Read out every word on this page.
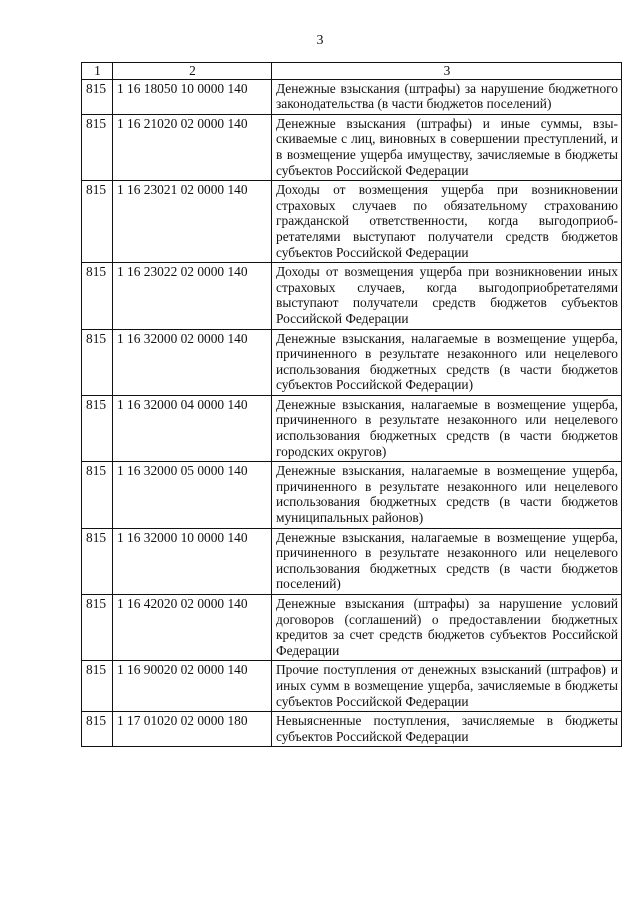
3
1	2	3
815	1 16 18050 10 0000 140	Денежные взыскания (штрафы) за нарушение бюджетного законодательства (в части бюджетов поселений)
815	1 16 21020 02 0000 140	Денежные взыскания (штрафы) и иные суммы, взыскиваемые с лиц, виновных в совершении преступлений, и в возмещение ущерба имуществу, зачисляемые в бюджеты субъектов Российской Федерации
815	1 16 23021 02 0000 140	Доходы от возмещения ущерба при возникновении страховых случаев по обязательному страхованию гражданской ответственности, когда выгодоприобретателями выступают получатели средств бюджетов субъектов Российской Федерации
815	1 16 23022 02 0000 140	Доходы от возмещения ущерба при возникновении иных страховых случаев, когда выгодоприобретателями выступают получатели средств бюджетов субъектов Российской Федерации
815	1 16 32000 02 0000 140	Денежные взыскания, налагаемые в возмещение ущерба, причиненного в результате незаконного или нецелевого использования бюджетных средств (в части бюджетов субъектов Российской Федерации)
815	1 16 32000 04 0000 140	Денежные взыскания, налагаемые в возмещение ущерба, причиненного в результате незаконного или нецелевого использования бюджетных средств (в части бюджетов городских округов)
815	1 16 32000 05 0000 140	Денежные взыскания, налагаемые в возмещение ущерба, причиненного в результате незаконного или нецелевого использования бюджетных средств (в части бюджетов муниципальных районов)
815	1 16 32000 10 0000 140	Денежные взыскания, налагаемые в возмещение ущерба, причиненного в результате незаконного или нецелевого использования бюджетных средств (в части бюджетов поселений)
815	1 16 42020 02 0000 140	Денежные взыскания (штрафы) за нарушение условий договоров (соглашений) о предоставлении бюджетных кредитов за счет средств бюджетов субъектов Российской Федерации
815	1 16 90020 02 0000 140	Прочие поступления от денежных взысканий (штрафов) и иных сумм в возмещение ущерба, зачисляемые в бюджеты субъектов Российской Федерации
815	1 17 01020 02 0000 180	Невыясненные поступления, зачисляемые в бюджеты субъектов Российской Федерации
